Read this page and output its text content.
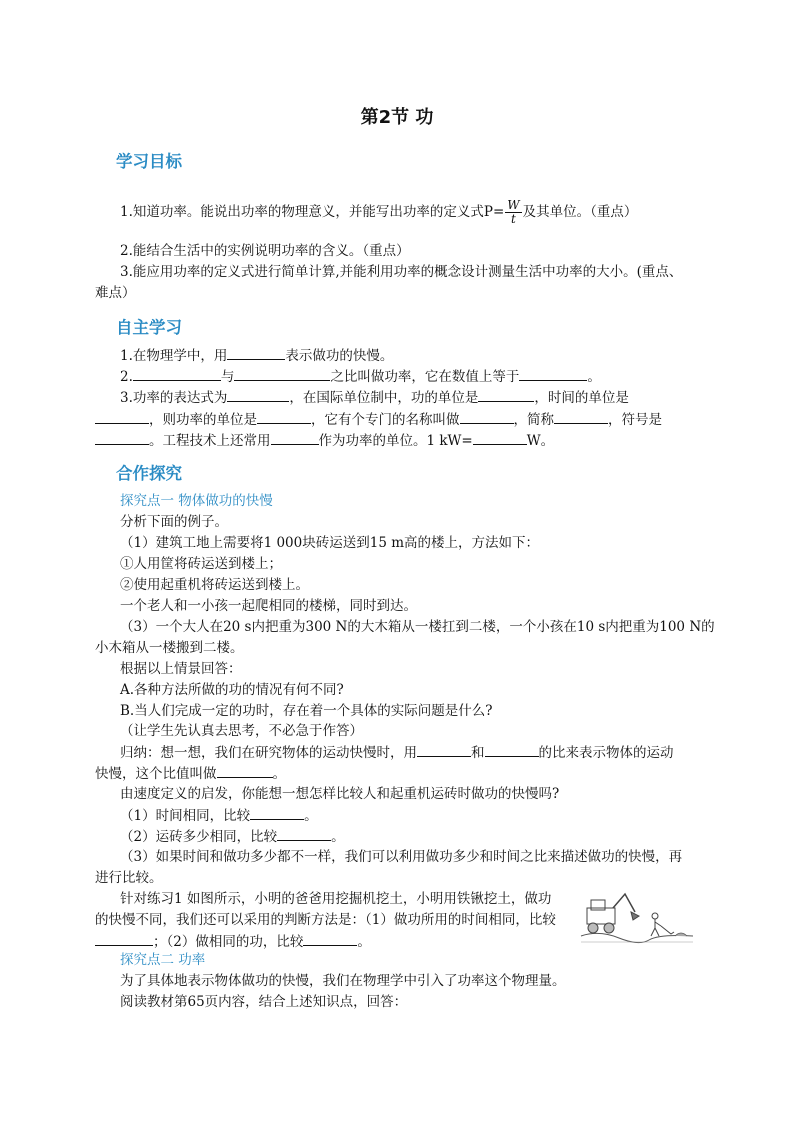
第2节 功
学习目标
1.知道功率。能说出功率的物理意义，并能写出功率的定义式$P= \frac{W}{t}$ 及其单位。（重点）
2.能结合生活中的实例说明功率的含义。（重点）
3.能应用功率的定义式进行简单计算,并能利用功率的概念设计测量生活中功率的大小。(重点、
难点）
自主学习
1.在物理学中，用	表示做功的快慢。
2.	与	之比叫做功率，它在数值上等于	。
3.功率的表达式为	，在国际单位制中，功的单位是	，时间的单位是
，则功率的单位是	，它有个专门的名称叫做	，简称	，符号是
。工程技术上还常用	作为功率的单位。1 kW=	W。
合作探究
探究点一 物体做功的快慢
分析下面的例子。
（1）建筑工地上需要将1 000块砖运送到15 m高的楼上，方法如下：
①人用筐将砖运送到楼上；
②使用起重机将砖运送到楼上。
一个老人和一小孩一起爬相同的楼梯，同时到达。
（3）一个大人在20 s内把重为300 N的大木箱从一楼扛到二楼，一个小孩在10 s内把重为100 N的
小木箱从一楼搬到二楼。
根据以上情景回答：
A.各种方法所做的功的情况有何不同?
B.当人们完成一定的功时，存在着一个具体的实际问题是什么?
（让学生先认真去思考，不必急于作答）
归纳：想一想，我们在研究物体的运动快慢时，用	和	的比来表示物体的运动
快慢，这个比值叫做	。
由速度定义的启发，你能想一想怎样比较人和起重机运砖时做功的快慢吗?
（1）时间相同，比较	。
（2）运砖多少相同，比较	。
（3）如果时间和做功多少都不一样，我们可以利用做功多少和时间之比来描述做功的快慢，再
进行比较。
针对练习1 如图所示，小明的爸爸用挖掘机挖土，小明用铁锹挖土，做功
的快慢不同，我们还可以采用的判断方法是：（1）做功所用的时间相同，比较
；（2）做相同的功，比较	。
探究点二 功率
为了具体地表示物体做功的快慢，我们在物理学中引入了功率这个物理量。
阅读教材第65页内容，结合上述知识点，回答：
